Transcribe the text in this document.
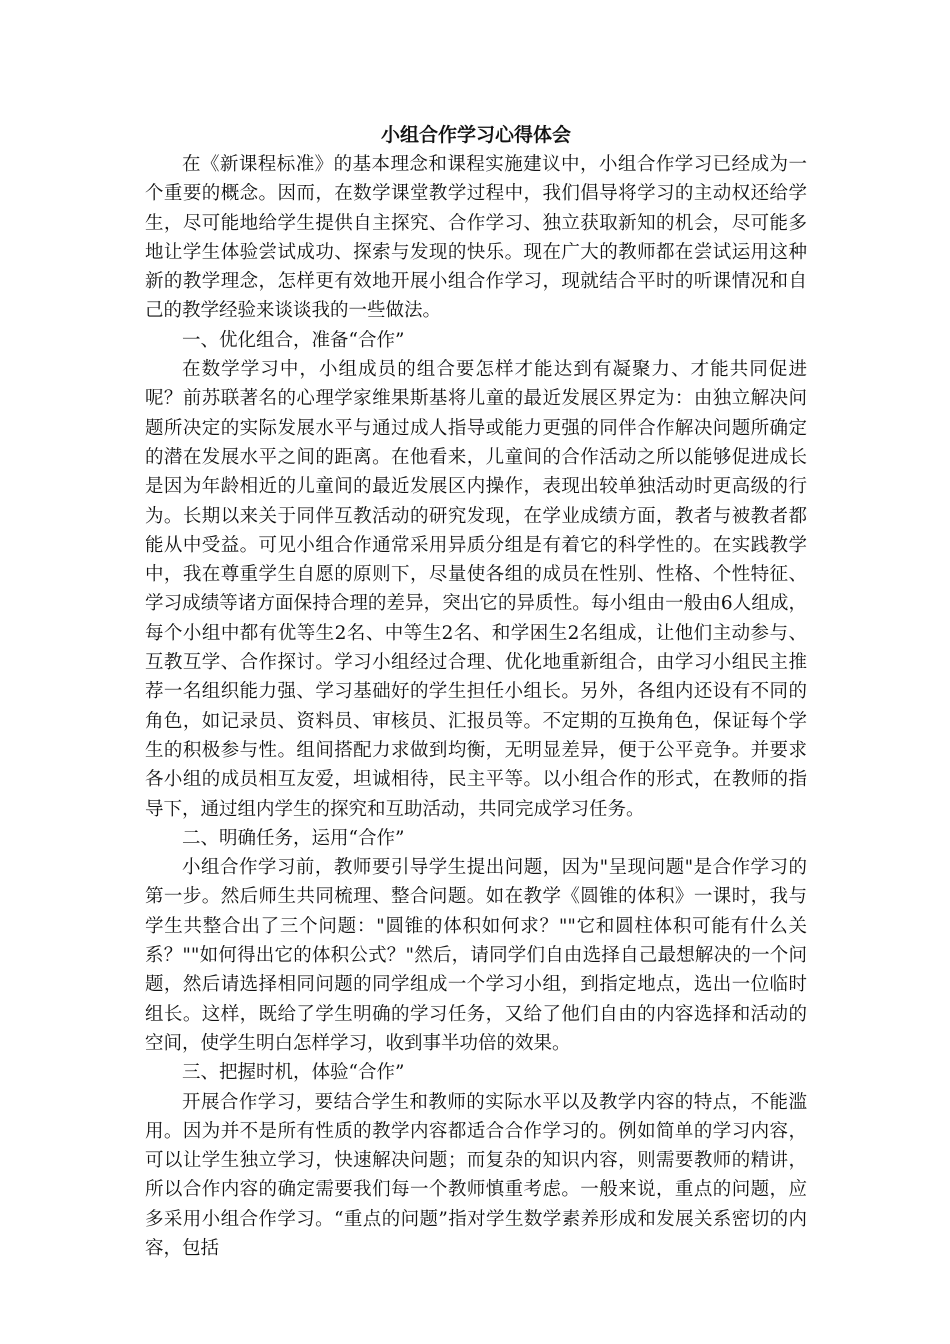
小组合作学习心得体会

在《新课程标准》的基本理念和课程实施建议中，小组合作学习已经成为一个重要的概念。因而，在数学课堂教学过程中，我们倡导将学习的主动权还给学生，尽可能地给学生提供自主探究、合作学习、独立获取新知的机会，尽可能多地让学生体验尝试成功、探索与发现的快乐。现在广大的教师都在尝试运用这种新的教学理念，怎样更有效地开展小组合作学习，现就结合平时的听课情况和自己的教学经验来谈谈我的一些做法。

一、优化组合，准备“合作”

在数学学习中，小组成员的组合要怎样才能达到有凝聚力、才能共同促进呢？前苏联著名的心理学家维果斯基将儿童的最近发展区界定为：由独立解决问题所决定的实际发展水平与通过成人指导或能力更强的同伴合作解决问题所确定的潜在发展水平之间的距离。在他看来，儿童间的合作活动之所以能够促进成长是因为年龄相近的儿童间的最近发展区内操作，表现出较单独活动时更高级的行为。长期以来关于同伴互教活动的研究发现，在学业成绩方面，教者与被教者都能从中受益。可见小组合作通常采用异质分组是有着它的科学性的。在实践教学中，我在尊重学生自愿的原则下，尽量使各组的成员在性别、性格、个性特征、学习成绩等诸方面保持合理的差异，突出它的异质性。每小组由一般由6人组成，每个小组中都有优等生2名、中等生2名、和学困生2名组成，让他们主动参与、互教互学、合作探讨。学习小组经过合理、优化地重新组合，由学习小组民主推荐一名组织能力强、学习基础好的学生担任小组长。另外，各组内还设有不同的角色，如记录员、资料员、审核员、汇报员等。不定期的互换角色，保证每个学生的积极参与性。组间搭配力求做到均衡，无明显差异，便于公平竞争。并要求各小组的成员相互友爱，坦诚相待，民主平等。以小组合作的形式，在教师的指导下，通过组内学生的探究和互助活动，共同完成学习任务。

二、明确任务，运用“合作”

小组合作学习前，教师要引导学生提出问题，因为"呈现问题"是合作学习的第一步。然后师生共同梳理、整合问题。如在教学《圆锥的体积》一课时，我与学生共整合出了三个问题："圆锥的体积如何求？""它和圆柱体积可能有什么关系？""如何得出它的体积公式？"然后，请同学们自由选择自己最想解决的一个问题，然后请选择相同问题的同学组成一个学习小组，到指定地点，选出一位临时组长。这样，既给了学生明确的学习任务，又给了他们自由的内容选择和活动的空间，使学生明白怎样学习，收到事半功倍的效果。

三、把握时机，体验“合作”

开展合作学习，要结合学生和教师的实际水平以及教学内容的特点，不能滥用。因为并不是所有性质的教学内容都适合合作学习的。例如简单的学习内容，可以让学生独立学习，快速解决问题；而复杂的知识内容，则需要教师的精讲，所以合作内容的确定需要我们每一个教师慎重考虑。一般来说，重点的问题，应多采用小组合作学习。“重点的问题”指对学生数学素养形成和发展关系密切的内容，包括
